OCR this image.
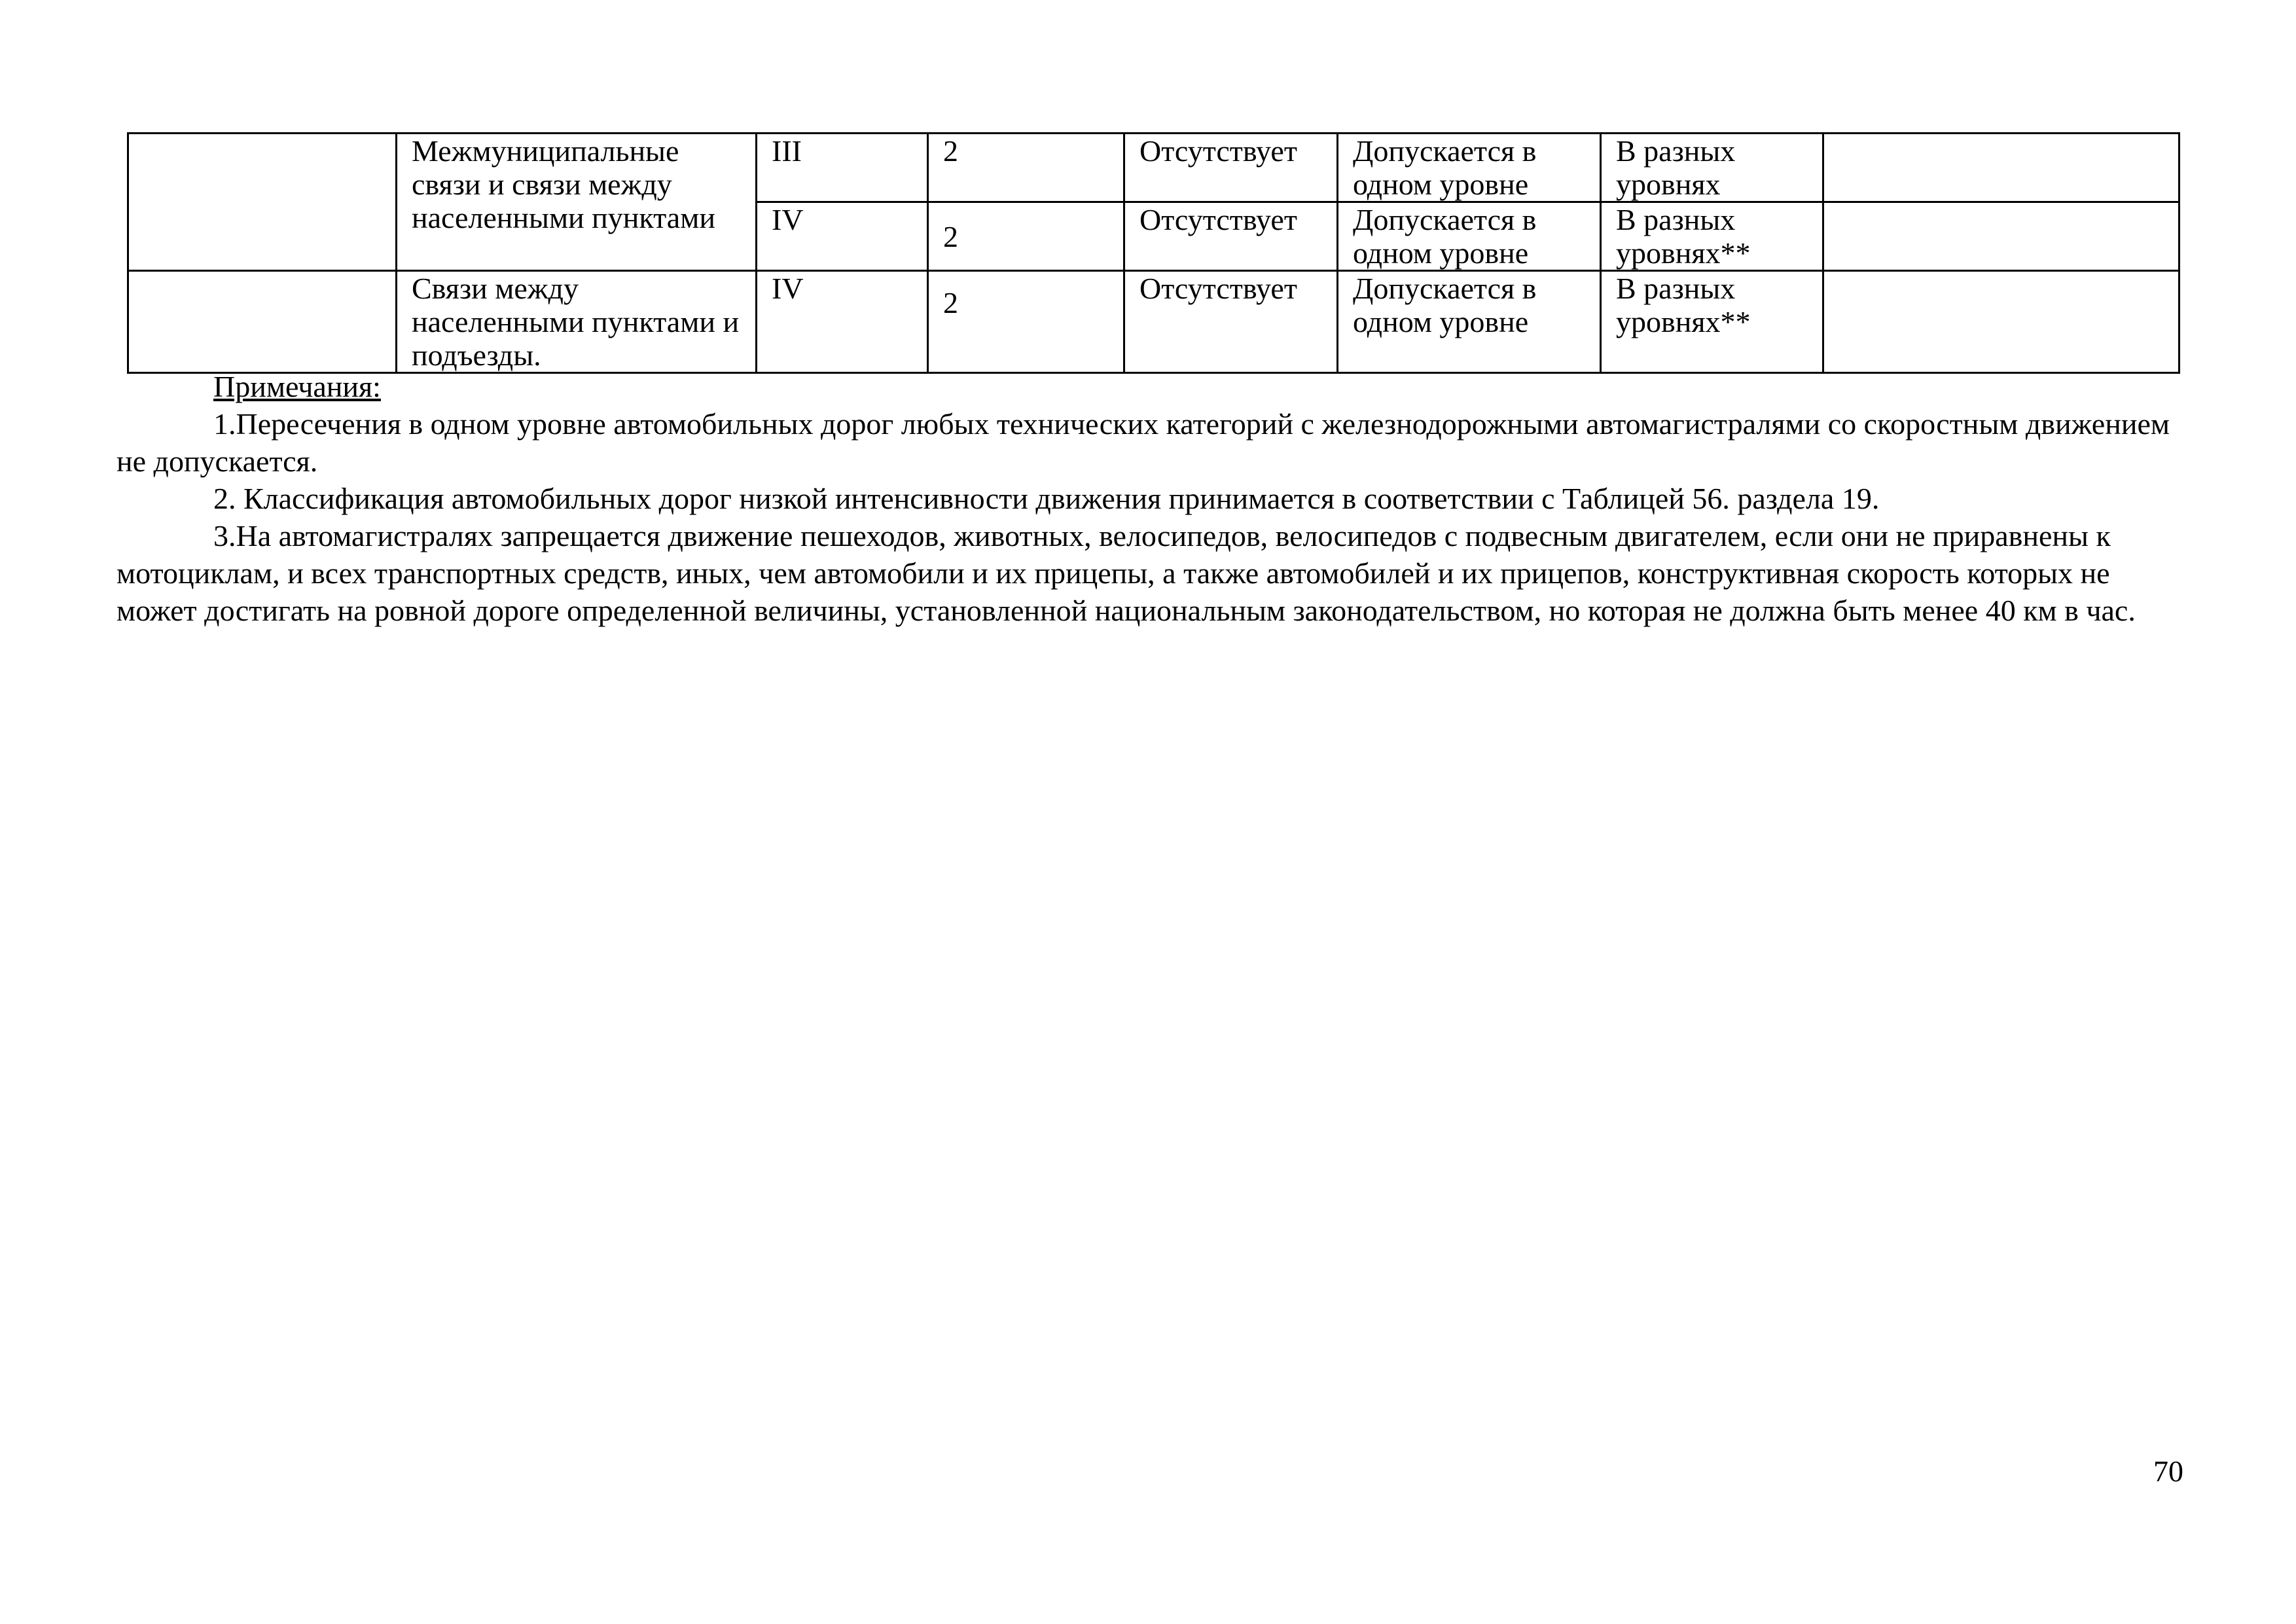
	Межмуниципальные связи и связи между населенными пунктами	III	2	Отсутствует	Допускается в одном уровне	В разных уровнях	
		IV	2	Отсутствует	Допускается в одном уровне	В разных уровнях**	
	Связи между населенными пунктами и подъезды.	IV	2	Отсутствует	Допускается в одном уровне	В разных уровнях**	

Примечания:

1.Пересечения в одном уровне автомобильных дорог любых технических категорий с железнодорожными автомагистралями со скоростным движением не допускается.

2. Классификация автомобильных дорог низкой интенсивности движения принимается в соответствии с Таблицей 56. раздела 19.

3.На автомагистралях запрещается движение пешеходов, животных, велосипедов, велосипедов с подвесным двигателем, если они не приравнены к мотоциклам, и всех транспортных средств, иных, чем автомобили и их прицепы, а также автомобилей и их прицепов, конструктивная скорость которых не может достигать на ровной дороге определенной величины, установленной национальным законодательством, но которая не должна быть менее 40 км в час.

70
